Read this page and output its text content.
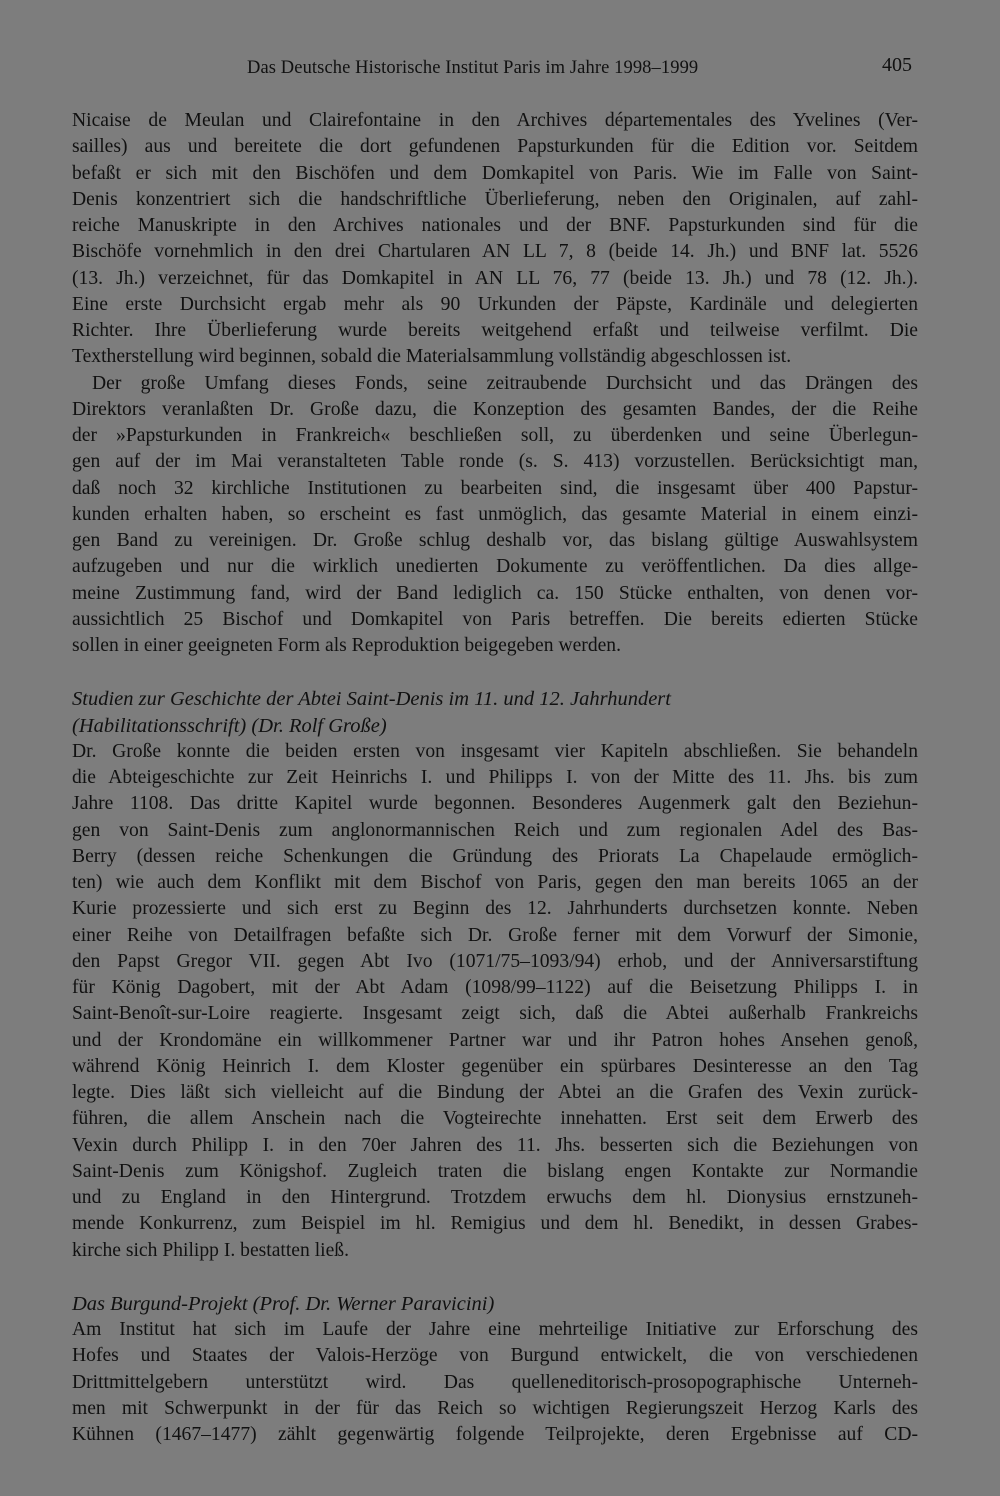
Das Deutsche Historische Institut Paris im Jahre 1998–1999	405
Nicaise de Meulan und Clairefontaine in den Archives départementales des Yvelines (Ver-
sailles) aus und bereitete die dort gefundenen Papsturkunden für die Edition vor. Seitdem
befaßt er sich mit den Bischöfen und dem Domkapitel von Paris. Wie im Falle von Saint-
Denis konzentriert sich die handschriftliche Überlieferung, neben den Originalen, auf zahl-
reiche Manuskripte in den Archives nationales und der BNF. Papsturkunden sind für die
Bischöfe vornehmlich in den drei Chartularen AN LL 7, 8 (beide 14. Jh.) und BNF lat. 5526
(13. Jh.) verzeichnet, für das Domkapitel in AN LL 76, 77 (beide 13. Jh.) und 78 (12. Jh.).
Eine erste Durchsicht ergab mehr als 90 Urkunden der Päpste, Kardinäle und delegierten
Richter. Ihre Überlieferung wurde bereits weitgehend erfaßt und teilweise verfilmt. Die
Textherstellung wird beginnen, sobald die Materialsammlung vollständig abgeschlossen ist.
Der große Umfang dieses Fonds, seine zeitraubende Durchsicht und das Drängen des
Direktors veranlaßten Dr. Große dazu, die Konzeption des gesamten Bandes, der die Reihe
der »Papsturkunden in Frankreich« beschließen soll, zu überdenken und seine Überlegun-
gen auf der im Mai veranstalteten Table ronde (s. S. 413) vorzustellen. Berücksichtigt man,
daß noch 32 kirchliche Institutionen zu bearbeiten sind, die insgesamt über 400 Papstur-
kunden erhalten haben, so erscheint es fast unmöglich, das gesamte Material in einem einzi-
gen Band zu vereinigen. Dr. Große schlug deshalb vor, das bislang gültige Auswahlsystem
aufzugeben und nur die wirklich unedierten Dokumente zu veröffentlichen. Da dies allge-
meine Zustimmung fand, wird der Band lediglich ca. 150 Stücke enthalten, von denen vor-
aussichtlich 25 Bischof und Domkapitel von Paris betreffen. Die bereits edierten Stücke
sollen in einer geeigneten Form als Reproduktion beigegeben werden.
Studien zur Geschichte der Abtei Saint-Denis im 11. und 12. Jahrhundert
(Habilitationsschrift) (Dr. Rolf Große)
Dr. Große konnte die beiden ersten von insgesamt vier Kapiteln abschließen. Sie behandeln
die Abteigeschichte zur Zeit Heinrichs I. und Philipps I. von der Mitte des 11. Jhs. bis zum
Jahre 1108. Das dritte Kapitel wurde begonnen. Besonderes Augenmerk galt den Beziehun-
gen von Saint-Denis zum anglonormannischen Reich und zum regionalen Adel des Bas-
Berry (dessen reiche Schenkungen die Gründung des Priorats La Chapelaude ermöglich-
ten) wie auch dem Konflikt mit dem Bischof von Paris, gegen den man bereits 1065 an der
Kurie prozessierte und sich erst zu Beginn des 12. Jahrhunderts durchsetzen konnte. Neben
einer Reihe von Detailfragen befaßte sich Dr. Große ferner mit dem Vorwurf der Simonie,
den Papst Gregor VII. gegen Abt Ivo (1071/75–1093/94) erhob, und der Anniversarstiftung
für König Dagobert, mit der Abt Adam (1098/99–1122) auf die Beisetzung Philipps I. in
Saint-Benoît-sur-Loire reagierte. Insgesamt zeigt sich, daß die Abtei außerhalb Frankreichs
und der Krondomäne ein willkommener Partner war und ihr Patron hohes Ansehen genoß,
während König Heinrich I. dem Kloster gegenüber ein spürbares Desinteresse an den Tag
legte. Dies läßt sich vielleicht auf die Bindung der Abtei an die Grafen des Vexin zurück-
führen, die allem Anschein nach die Vogteirechte innehatten. Erst seit dem Erwerb des
Vexin durch Philipp I. in den 70er Jahren des 11. Jhs. besserten sich die Beziehungen von
Saint-Denis zum Königshof. Zugleich traten die bislang engen Kontakte zur Normandie
und zu England in den Hintergrund. Trotzdem erwuchs dem hl. Dionysius ernstzuneh-
mende Konkurrenz, zum Beispiel im hl. Remigius und dem hl. Benedikt, in dessen Grabes-
kirche sich Philipp I. bestatten ließ.
Das Burgund-Projekt (Prof. Dr. Werner Paravicini)
Am Institut hat sich im Laufe der Jahre eine mehrteilige Initiative zur Erforschung des
Hofes und Staates der Valois-Herzöge von Burgund entwickelt, die von verschiedenen
Drittmittelgebern unterstützt wird. Das quelleneditorisch-prosopographische Unterneh-
men mit Schwerpunkt in der für das Reich so wichtigen Regierungszeit Herzog Karls des
Kühnen (1467–1477) zählt gegenwärtig folgende Teilprojekte, deren Ergebnisse auf CD-
